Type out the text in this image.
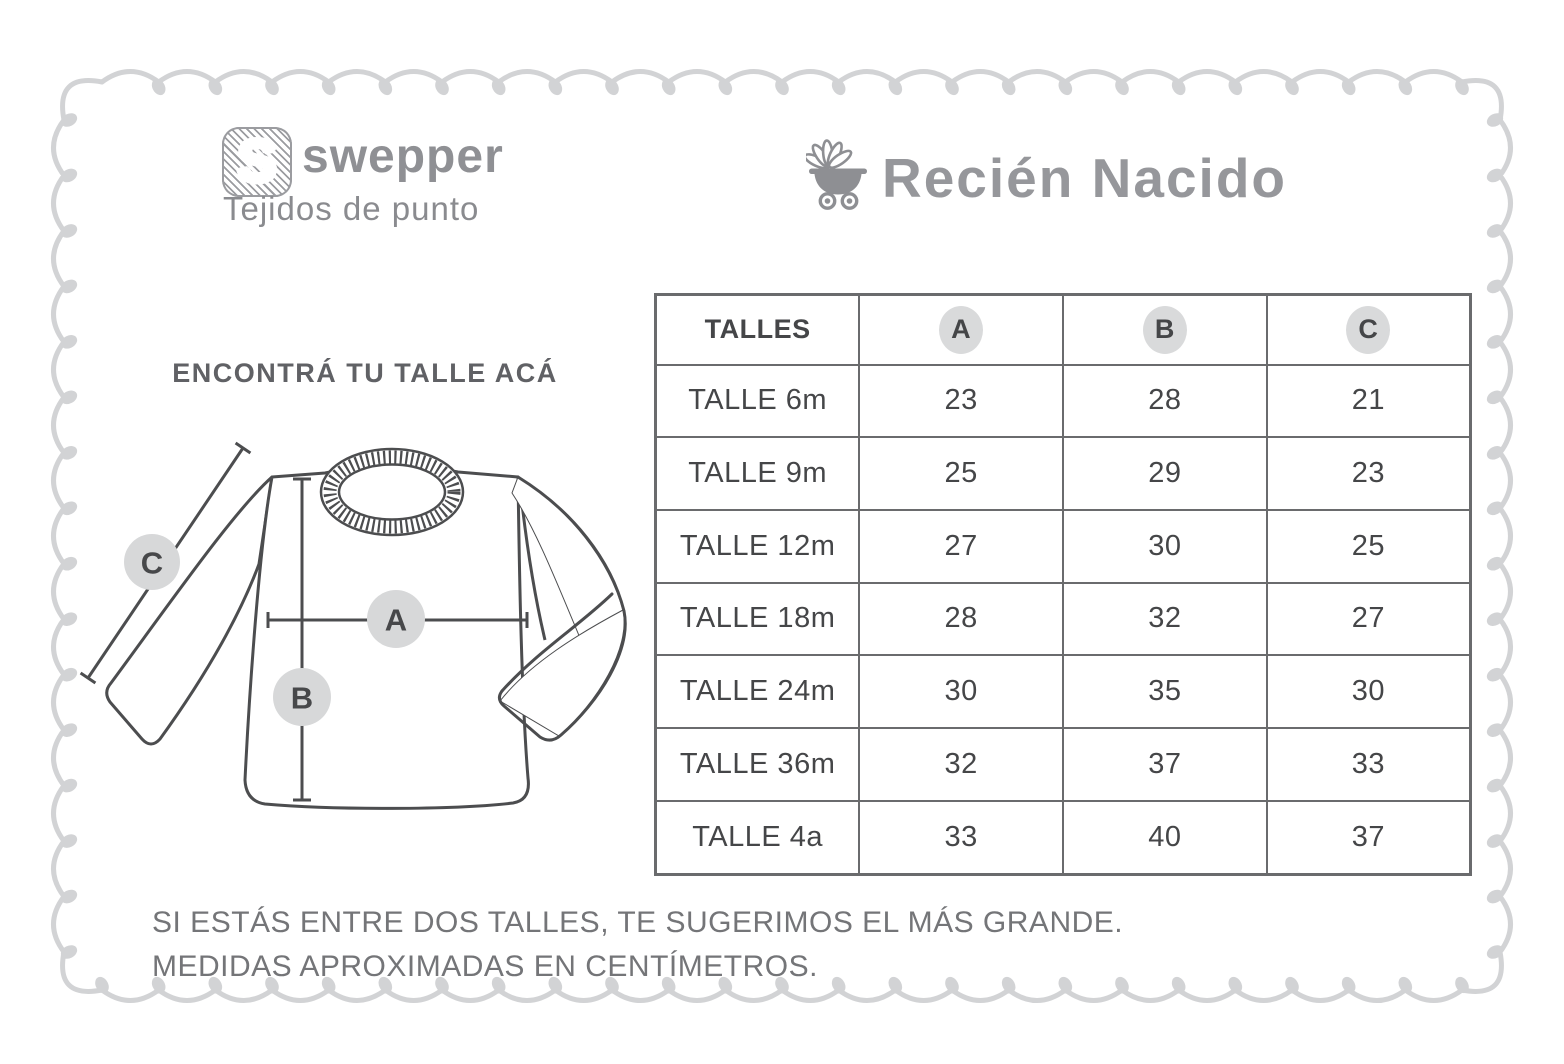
S swepper
Tejidos de punto	Recién Nacido
ENCONTRÁ TU TALLE ACÁ
A
B
C
TALLES	A	B	C
TALLE 6m	23	28	21
TALLE 9m	25	29	23
TALLE 12m	27	30	25
TALLE 18m	28	32	27
TALLE 24m	30	35	30
TALLE 36m	32	37	33
TALLE 4a	33	40	37
SI ESTÁS ENTRE DOS TALLES, TE SUGERIMOS EL MÁS GRANDE.
MEDIDAS APROXIMADAS EN CENTÍMETROS.
